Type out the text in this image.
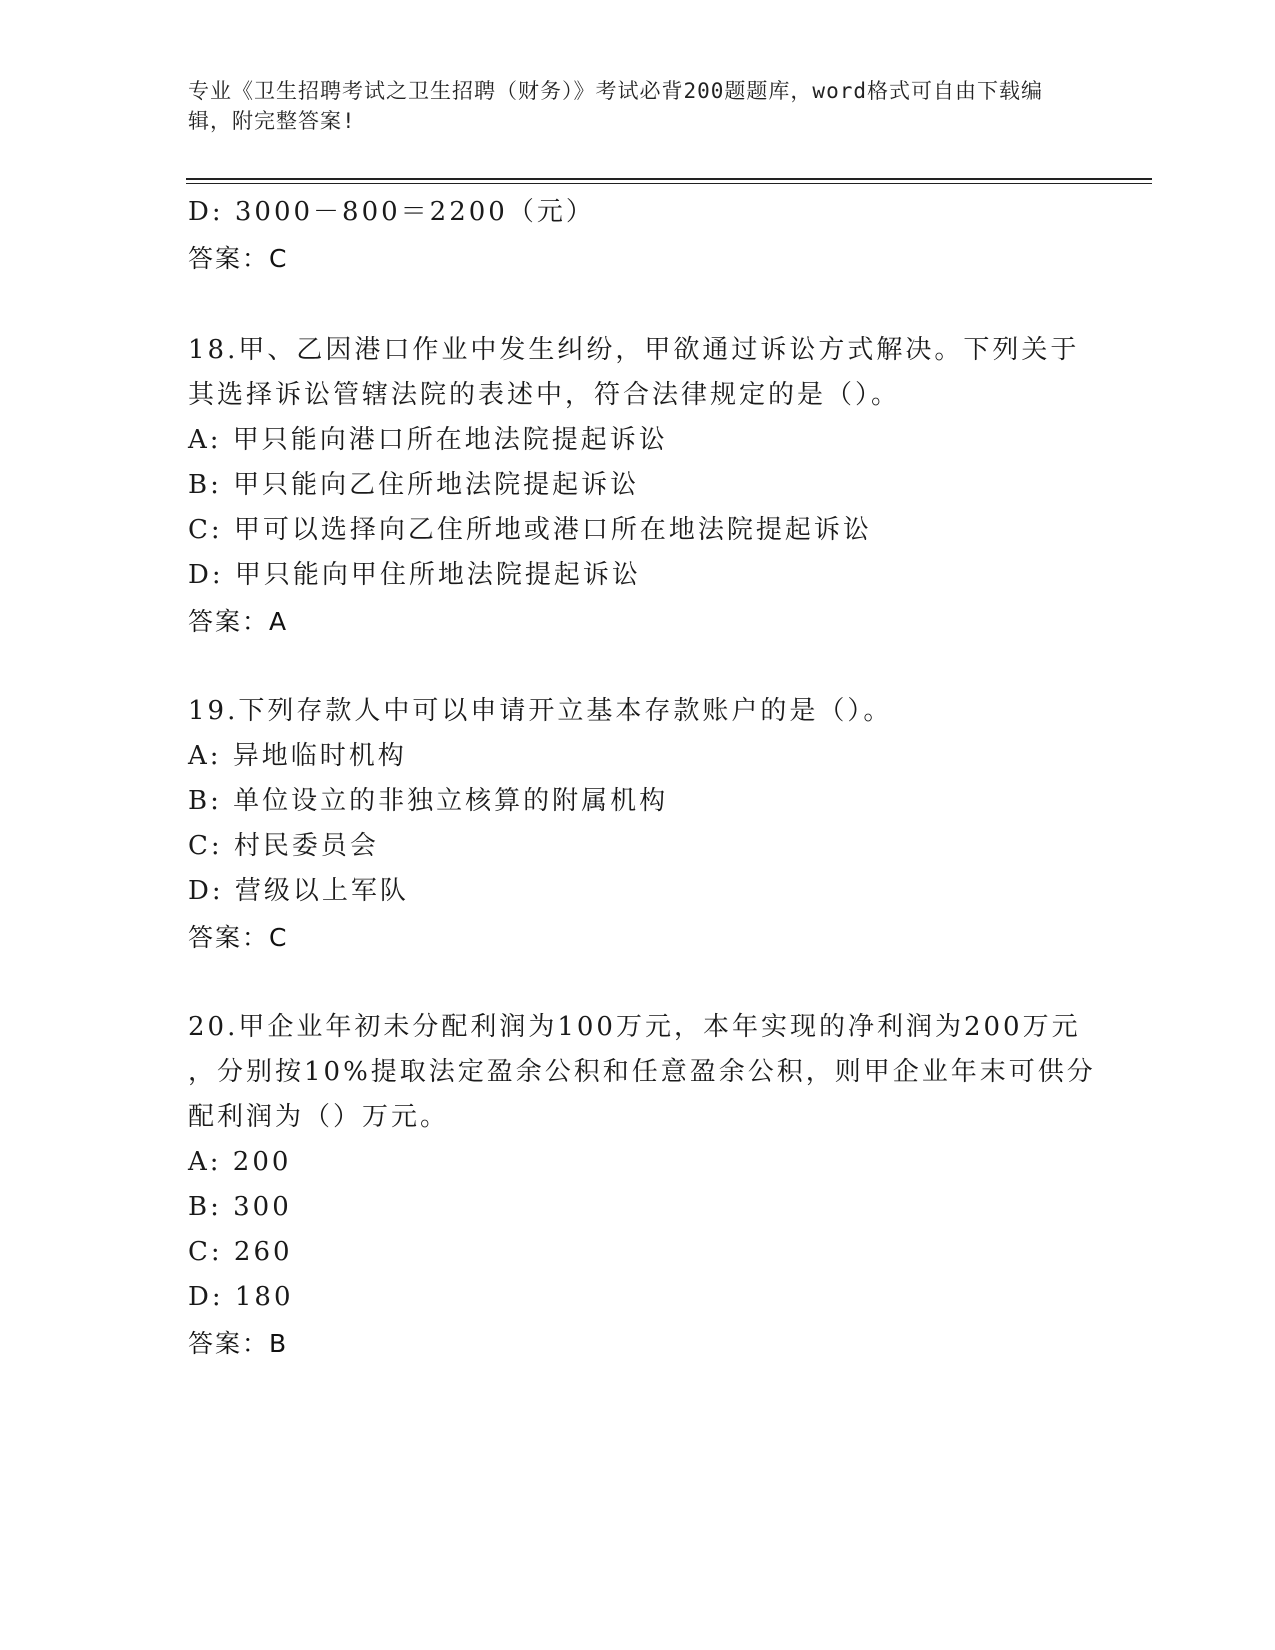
专业《卫生招聘考试之卫生招聘（财务）》考试必背200题题库，word格式可自由下载编辑，附完整答案!
D: 3000－800＝2200（元）
答案：C
18.甲、乙因港口作业中发生纠纷，甲欲通过诉讼方式解决。下列关于
其选择诉讼管辖法院的表述中，符合法律规定的是（）。
A: 甲只能向港口所在地法院提起诉讼
B: 甲只能向乙住所地法院提起诉讼
C: 甲可以选择向乙住所地或港口所在地法院提起诉讼
D: 甲只能向甲住所地法院提起诉讼
答案：A
19.下列存款人中可以申请开立基本存款账户的是（）。
A: 异地临时机构
B: 单位设立的非独立核算的附属机构
C: 村民委员会
D: 营级以上军队
答案：C
20.甲企业年初未分配利润为100万元，本年实现的净利润为200万元
，分别按10%提取法定盈余公积和任意盈余公积，则甲企业年末可供分
配利润为（）万元。
A: 200
B: 300
C: 260
D: 180
答案：B
